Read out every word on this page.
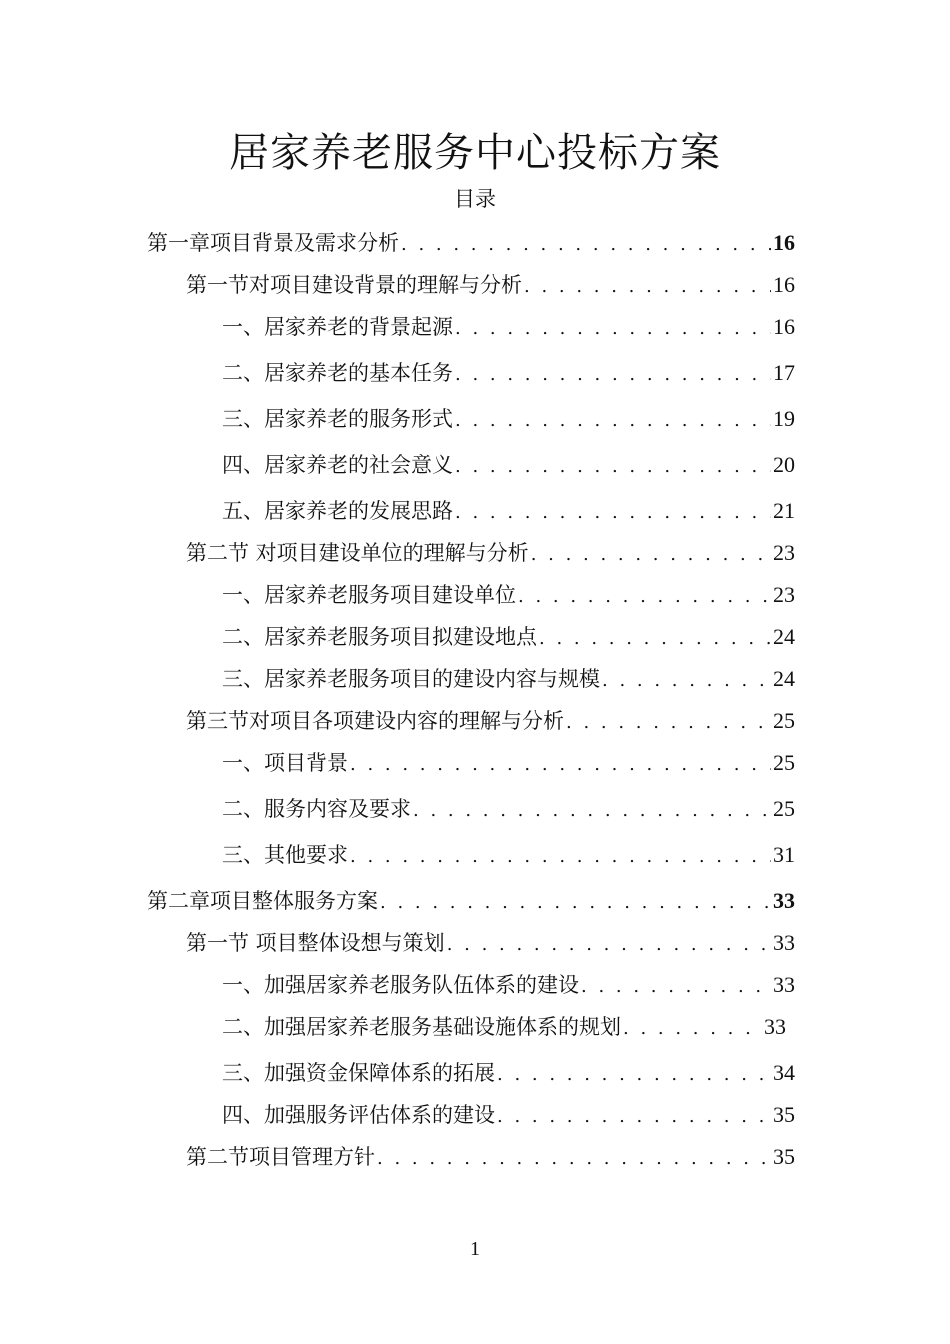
居家养老服务中心投标方案
目录
第一章项目背景及需求分析 . . .	16
第一节对项目建设背景的理解与分析 . . .	16
一、居家养老的背景起源 . . .	16
二、居家养老的基本任务 . . .	17
三、居家养老的服务形式 . . .	19
四、居家养老的社会意义 . . .	20
五、居家养老的发展思路 . . .	21
第二节 对项目建设单位的理解与分析 . . .	23
一、居家养老服务项目建设单位 . . .	23
二、居家养老服务项目拟建设地点 . . .	24
三、居家养老服务项目的建设内容与规模 . . .	24
第三节对项目各项建设内容的理解与分析 . . .	25
一、项目背景 . . .	25
二、服务内容及要求 . . .	25
三、其他要求 . . .	31
第二章项目整体服务方案 . . .	33
第一节 项目整体设想与策划 . . .	33
一、加强居家养老服务队伍体系的建设 . . .	33
二、加强居家养老服务基础设施体系的规划 . . .	33
三、加强资金保障体系的拓展 . . .	34
四、加强服务评估体系的建设 . . .	35
第二节项目管理方针 . . .	35
1
